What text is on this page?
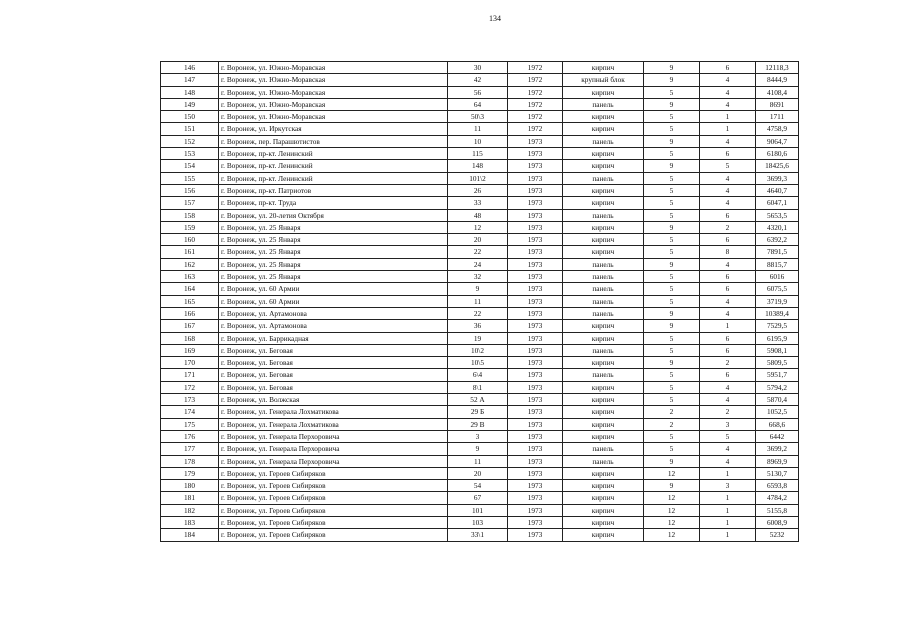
134
146	г. Воронеж, ул. Южно-Моравская	30	1972	кирпич	9	6	12118,3
147	г. Воронеж, ул. Южно-Моравская	42	1972	крупный блок	9	4	8444,9
148	г. Воронеж, ул. Южно-Моравская	56	1972	кирпич	5	4	4108,4
149	г. Воронеж, ул. Южно-Моравская	64	1972	панель	9	4	8691
150	г. Воронеж, ул. Южно-Моравская	50\3	1972	кирпич	5	1	1711
151	г. Воронеж, ул. Иркутская	11	1972	кирпич	5	1	4758,9
152	г. Воронеж, пер. Парашютистов	10	1973	панель	9	4	9064,7
153	г. Воронеж, пр-кт. Ленинский	115	1973	кирпич	5	6	6180,6
154	г. Воронеж, пр-кт. Ленинский	148	1973	кирпич	9	5	18425,6
155	г. Воронеж, пр-кт. Ленинский	101\2	1973	панель	5	4	3699,3
156	г. Воронеж, пр-кт. Патриотов	26	1973	кирпич	5	4	4640,7
157	г. Воронеж, пр-кт. Труда	33	1973	кирпич	5	4	6047,1
158	г. Воронеж, ул. 20-летия Октября	48	1973	панель	5	6	5653,5
159	г. Воронеж, ул. 25 Января	12	1973	кирпич	9	2	4320,1
160	г. Воронеж, ул. 25 Января	20	1973	кирпич	5	6	6392,2
161	г. Воронеж, ул. 25 Января	22	1973	кирпич	5	8	7891,5
162	г. Воронеж, ул. 25 Января	24	1973	панель	9	4	8815,7
163	г. Воронеж, ул. 25 Января	32	1973	панель	5	6	6016
164	г. Воронеж, ул. 60 Армии	9	1973	панель	5	6	6075,5
165	г. Воронеж, ул. 60 Армии	11	1973	панель	5	4	3719,9
166	г. Воронеж, ул. Артамонова	22	1973	панель	9	4	10389,4
167	г. Воронеж, ул. Артамонова	36	1973	кирпич	9	1	7529,5
168	г. Воронеж, ул. Баррикадная	19	1973	кирпич	5	6	6195,9
169	г. Воронеж, ул. Беговая	10\2	1973	панель	5	6	5908,1
170	г. Воронеж, ул. Беговая	10\5	1973	кирпич	9	2	5809,5
171	г. Воронеж, ул. Беговая	6\4	1973	панель	5	6	5951,7
172	г. Воронеж, ул. Беговая	8\1	1973	кирпич	5	4	5794,2
173	г. Воронеж, ул. Волжская	52 А	1973	кирпич	5	4	5870,4
174	г. Воронеж, ул. Генерала Лохматикова	29 Б	1973	кирпич	2	2	1052,5
175	г. Воронеж, ул. Генерала Лохматикова	29 В	1973	кирпич	2	3	668,6
176	г. Воронеж, ул. Генерала Перхоровича	3	1973	кирпич	5	5	6442
177	г. Воронеж, ул. Генерала Перхоровича	9	1973	панель	5	4	3699,2
178	г. Воронеж, ул. Генерала Перхоровича	11	1973	панель	9	4	8969,9
179	г. Воронеж, ул. Героев Сибиряков	20	1973	кирпич	12	1	5130,7
180	г. Воронеж, ул. Героев Сибиряков	54	1973	кирпич	9	3	6593,8
181	г. Воронеж, ул. Героев Сибиряков	67	1973	кирпич	12	1	4784,2
182	г. Воронеж, ул. Героев Сибиряков	101	1973	кирпич	12	1	5155,8
183	г. Воронеж, ул. Героев Сибиряков	103	1973	кирпич	12	1	6008,9
184	г. Воронеж, ул. Героев Сибиряков	33\1	1973	кирпич	12	1	5232
